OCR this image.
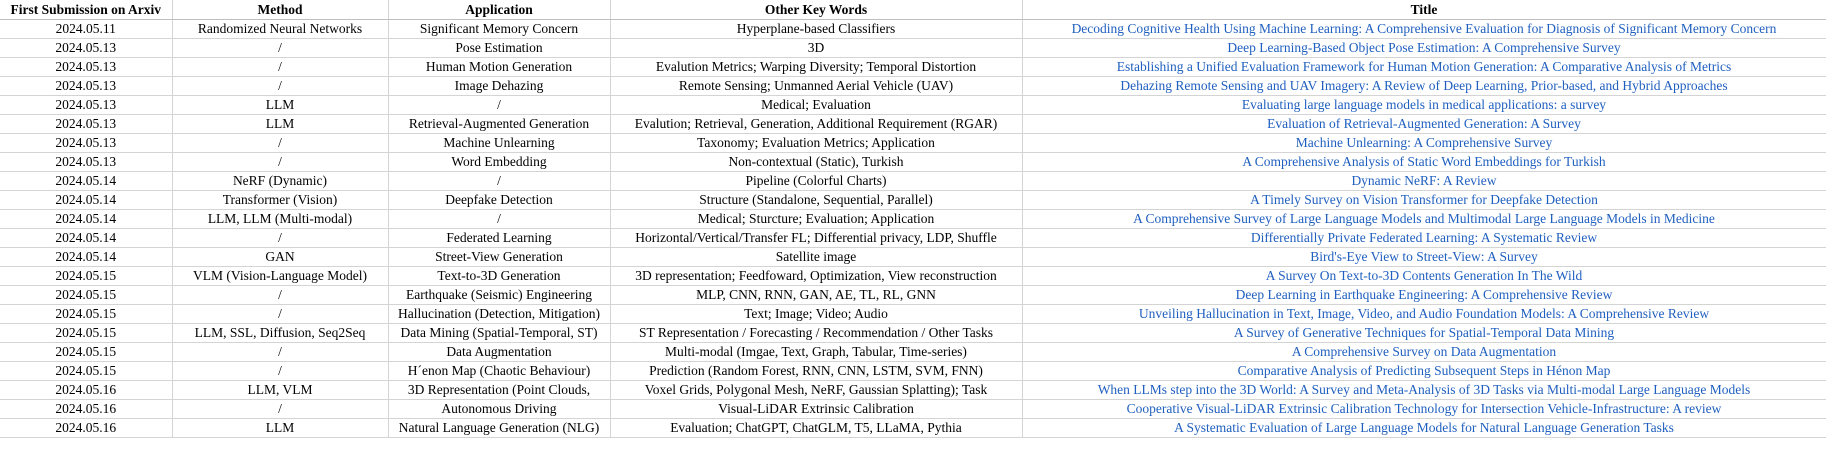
First Submission on Arxiv	Method	Application	Other Key Words	Title
2024.05.11	Randomized Neural Networks	Significant Memory Concern	Hyperplane-based Classifiers	Decoding Cognitive Health Using Machine Learning: A Comprehensive Evaluation for Diagnosis of Significant Memory Concern
2024.05.13	/	Pose Estimation	3D	Deep Learning-Based Object Pose Estimation: A Comprehensive Survey
2024.05.13	/	Human Motion Generation	Evalution Metrics; Warping Diversity; Temporal Distortion	Establishing a Unified Evaluation Framework for Human Motion Generation: A Comparative Analysis of Metrics
2024.05.13	/	Image Dehazing	Remote Sensing; Unmanned Aerial Vehicle (UAV)	Dehazing Remote Sensing and UAV Imagery: A Review of Deep Learning, Prior-based, and Hybrid Approaches
2024.05.13	LLM	/	Medical; Evaluation	Evaluating large language models in medical applications: a survey
2024.05.13	LLM	Retrieval-Augmented Generation	Evalution; Retrieval, Generation, Additional Requirement (RGAR)	Evaluation of Retrieval-Augmented Generation: A Survey
2024.05.13	/	Machine Unlearning	Taxonomy; Evaluation Metrics; Application	Machine Unlearning: A Comprehensive Survey
2024.05.13	/	Word Embedding	Non-contextual (Static), Turkish	A Comprehensive Analysis of Static Word Embeddings for Turkish
2024.05.14	NeRF (Dynamic)	/	Pipeline (Colorful Charts)	Dynamic NeRF: A Review
2024.05.14	Transformer (Vision)	Deepfake Detection	Structure (Standalone, Sequential, Parallel)	A Timely Survey on Vision Transformer for Deepfake Detection
2024.05.14	LLM, LLM (Multi-modal)	/	Medical; Sturcture; Evaluation; Application	A Comprehensive Survey of Large Language Models and Multimodal Large Language Models in Medicine
2024.05.14	/	Federated Learning	Horizontal/Vertical/Transfer FL; Differential privacy, LDP, Shuffle	Differentially Private Federated Learning: A Systematic Review
2024.05.14	GAN	Street-View Generation	Satellite image	Bird's-Eye View to Street-View: A Survey
2024.05.15	VLM (Vision-Language Model)	Text-to-3D Generation	3D representation; Feedfoward, Optimization, View reconstruction	A Survey On Text-to-3D Contents Generation In The Wild
2024.05.15	/	Earthquake (Seismic) Engineering	MLP, CNN, RNN, GAN, AE, TL, RL, GNN	Deep Learning in Earthquake Engineering: A Comprehensive Review
2024.05.15	/	Hallucination (Detection, Mitigation)	Text; Image; Video; Audio	Unveiling Hallucination in Text, Image, Video, and Audio Foundation Models: A Comprehensive Review
2024.05.15	LLM, SSL, Diffusion, Seq2Seq	Data Mining (Spatial-Temporal, ST)	ST Representation / Forecasting / Recommendation / Other Tasks	A Survey of Generative Techniques for Spatial-Temporal Data Mining
2024.05.15	/	Data Augmentation	Multi-modal (Imgae, Text, Graph, Tabular, Time-series)	A Comprehensive Survey on Data Augmentation
2024.05.15	/	H´enon Map (Chaotic Behaviour)	Prediction (Random Forest, RNN, CNN, LSTM, SVM, FNN)	Comparative Analysis of Predicting Subsequent Steps in Hénon Map
2024.05.16	LLM, VLM	3D Representation (Point Clouds,	Voxel Grids, Polygonal Mesh, NeRF, Gaussian Splatting); Task	When LLMs step into the 3D World: A Survey and Meta-Analysis of 3D Tasks via Multi-modal Large Language Models
2024.05.16	/	Autonomous Driving	Visual-LiDAR Extrinsic Calibration	Cooperative Visual-LiDAR Extrinsic Calibration Technology for Intersection Vehicle-Infrastructure: A review
2024.05.16	LLM	Natural Language Generation (NLG)	Evaluation; ChatGPT, ChatGLM, T5, LLaMA, Pythia	A Systematic Evaluation of Large Language Models for Natural Language Generation Tasks
